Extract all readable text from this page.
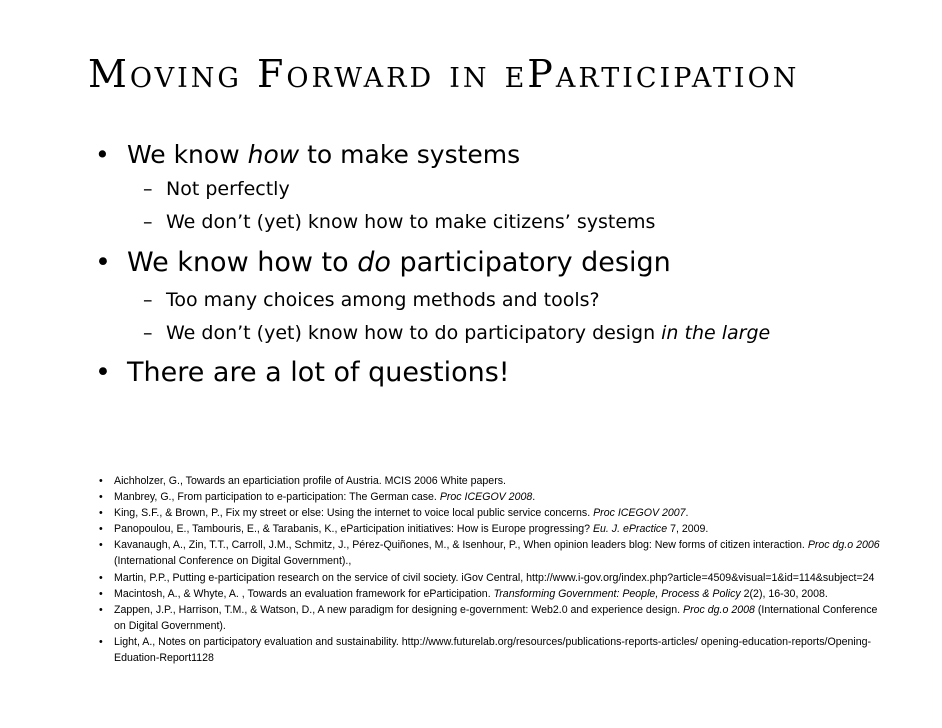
Moving Forward in eParticipation
• We know how to make systems
– Not perfectly
– We don’t (yet) know how to make citizens’ systems
• We know how to do participatory design
– Too many choices among methods and tools?
– We don’t (yet) know how to do participatory design in the large
• There are a lot of questions!
• Aichholzer, G., Towards an eparticiation profile of Austria. MCIS 2006 White papers.
• Manbrey, G., From participation to e-participation: The German case. Proc ICEGOV 2008.
• King, S.F., & Brown, P., Fix my street or else: Using the internet to voice local public service concerns. Proc ICEGOV 2007.
• Panopoulou, E., Tambouris, E., & Tarabanis, K., eParticipation initiatives: How is Europe progressing? Eu. J. ePractice 7, 2009.
• Kavanaugh, A., Zin, T.T., Carroll, J.M., Schmitz, J., Pérez-Quiñones, M., & Isenhour, P., When opinion leaders blog: New forms of citizen interaction. Proc dg.o 2006 (International Conference on Digital Government).,
• Martin, P.P., Putting e-participation research on the service of civil society. iGov Central, http://www.i-gov.org/index.php?article=4509&visual=1&id=114&subject=24
• Macintosh, A., & Whyte, A. , Towards an evaluation framework for eParticipation. Transforming Government: People, Process & Policy 2(2), 16-30, 2008.
• Zappen, J.P., Harrison, T.M., & Watson, D., A new paradigm for designing e-government: Web2.0 and experience design. Proc dg.o 2008 (International Conference on Digital Government).
• Light, A., Notes on participatory evaluation and sustainability. http://www.futurelab.org/resources/publications-reports-articles/ opening-education-reports/Opening-Eduation-Report1128
